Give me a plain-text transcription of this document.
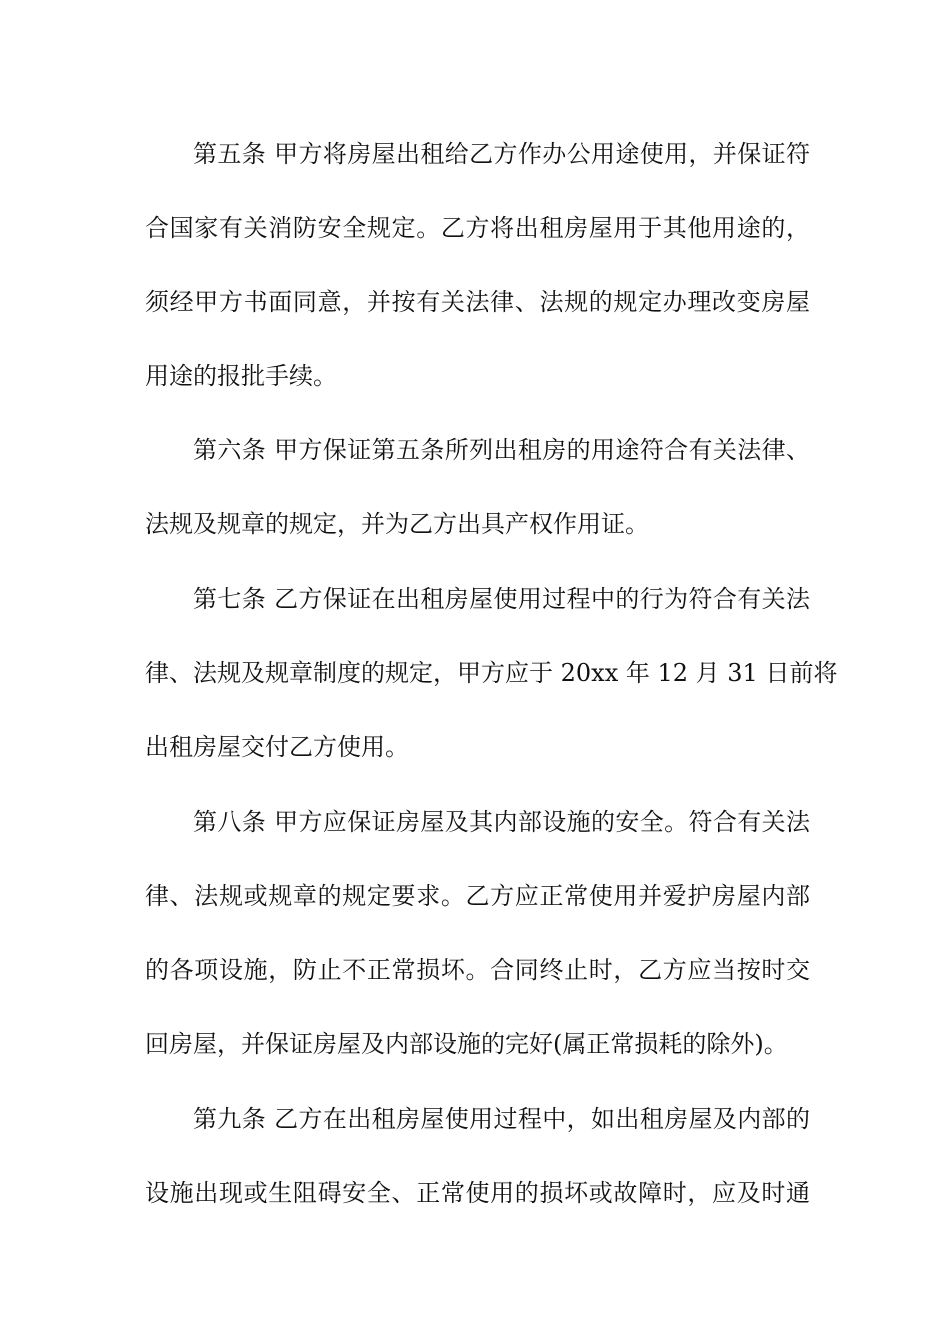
第五条 甲方将房屋出租给乙方作办公用途使用，并保证符
合国家有关消防安全规定。乙方将出租房屋用于其他用途的，
须经甲方书面同意，并按有关法律、法规的规定办理改变房屋
用途的报批手续。
第六条 甲方保证第五条所列出租房的用途符合有关法律、
法规及规章的规定，并为乙方出具产权作用证。
第七条 乙方保证在出租房屋使用过程中的行为符合有关法
律、法规及规章制度的规定，甲方应于 20xx 年 12 月 31 日前将
出租房屋交付乙方使用。
第八条 甲方应保证房屋及其内部设施的安全。符合有关法
律、法规或规章的规定要求。乙方应正常使用并爱护房屋内部
的各项设施，防止不正常损坏。合同终止时，乙方应当按时交
回房屋，并保证房屋及内部设施的完好(属正常损耗的除外)。
第九条 乙方在出租房屋使用过程中，如出租房屋及内部的
设施出现或生阻碍安全、正常使用的损坏或故障时，应及时通
